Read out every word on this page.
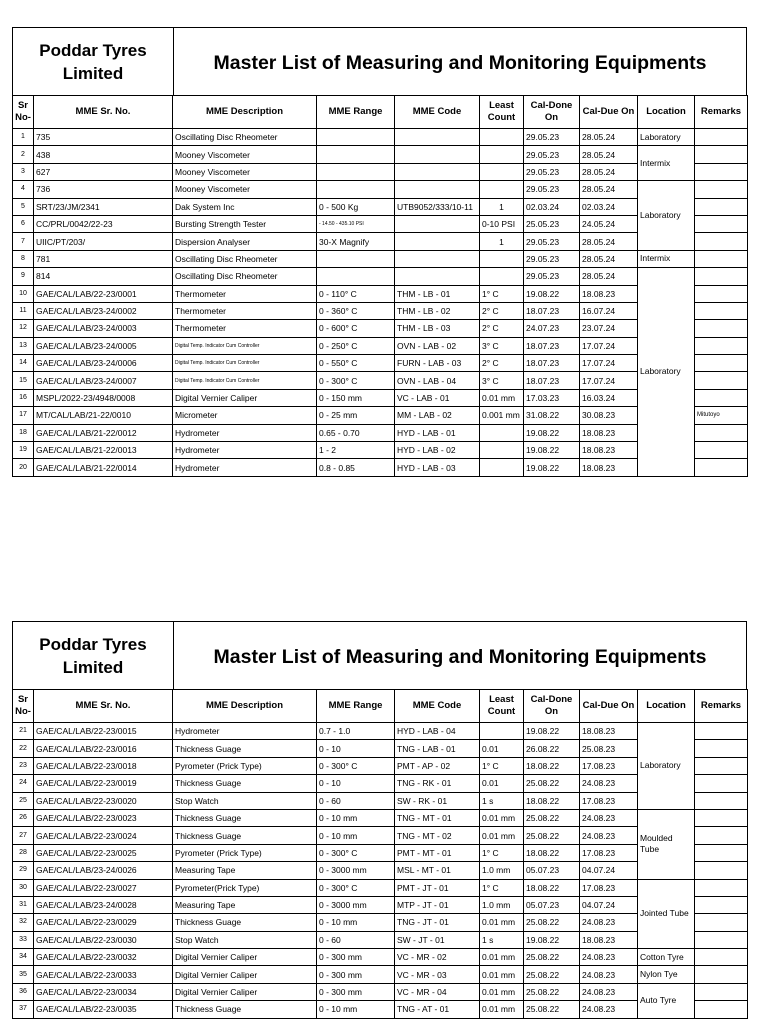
Poddar Tyres
Limited	Master List of Measuring and Monitoring Equipments
Sr No-	MME Sr. No.	MME Description	MME Range	MME Code	Least Count	Cal-Done On	Cal-Due On	Location	Remarks
1	735	Oscillating Disc Rheometer				29.05.23	28.05.24	Laboratory	
2	438	Mooney Viscometer				29.05.23	28.05.24	Intermix	
3	627	Mooney Viscometer				29.05.23	28.05.24		
4	736	Mooney Viscometer				29.05.23	28.05.24	Laboratory	
5	SRT/23/JM/2341	Dak System Inc	0 - 500 Kg	UTB9052/333/10-11	1	02.03.24	02.03.24		
6	CC/PRL/0042/22-23	Bursting Strength Tester	- 14.50 - 435.10 PSI		0-10 PSI	25.05.23	24.05.24		
7	UIIC/PT/203/	Dispersion Analyser	30-X Magnify		1	29.05.23	28.05.24		
8	781	Oscillating Disc Rheometer				29.05.23	28.05.24	Intermix	
9	814	Oscillating Disc Rheometer				29.05.23	28.05.24	Laboratory	
10	GAE/CAL/LAB/22-23/0001	Thermometer	0 - 110° C	THM - LB - 01	1° C	19.08.22	18.08.23		
11	GAE/CAL/LAB/23-24/0002	Thermometer	0 - 360° C	THM - LB - 02	2° C	18.07.23	16.07.24		
12	GAE/CAL/LAB/23-24/0003	Thermometer	0 - 600° C	THM - LB - 03	2° C	24.07.23	23.07.24		
13	GAE/CAL/LAB/23-24/0005	Digital Temp. Indicator Cum Controller	0 - 250° C	OVN - LAB - 02	3° C	18.07.23	17.07.24		
14	GAE/CAL/LAB/23-24/0006	Digital Temp. Indicator Cum Controller	0 - 550° C	FURN - LAB - 03	2° C	18.07.23	17.07.24		
15	GAE/CAL/LAB/23-24/0007	Digital Temp. Indicator Cum Controller	0 - 300° C	OVN - LAB - 04	3° C	18.07.23	17.07.24		
16	MSPL/2022-23/4948/0008	Digital Vernier Caliper	0 - 150 mm	VC - LAB - 01	0.01 mm	17.03.23	16.03.24		
17	MT/CAL/LAB/21-22/0010	Micrometer	0 - 25 mm	MM - LAB - 02	0.001 mm	31.08.22	30.08.23		Mitutoyo
18	GAE/CAL/LAB/21-22/0012	Hydrometer	0.65 - 0.70	HYD - LAB - 01		19.08.22	18.08.23		
19	GAE/CAL/LAB/21-22/0013	Hydrometer	1 - 2	HYD - LAB - 02		19.08.22	18.08.23		
20	GAE/CAL/LAB/21-22/0014	Hydrometer	0.8 - 0.85	HYD - LAB - 03		19.08.22	18.08.23		
Poddar Tyres
Limited	Master List of Measuring and Monitoring Equipments
Sr No-	MME Sr. No.	MME Description	MME Range	MME Code	Least Count	Cal-Done On	Cal-Due On	Location	Remarks
21	GAE/CAL/LAB/22-23/0015	Hydrometer	0.7 - 1.0	HYD - LAB - 04		19.08.22	18.08.23	Laboratory	
22	GAE/CAL/LAB/22-23/0016	Thickness Guage	0 - 10	TNG - LAB - 01	0.01	26.08.22	25.08.23		
23	GAE/CAL/LAB/22-23/0018	Pyrometer (Prick Type)	0 - 300° C	PMT - AP - 02	1° C	18.08.22	17.08.23		
24	GAE/CAL/LAB/22-23/0019	Thickness Guage	0 - 10	TNG - RK - 01	0.01	25.08.22	24.08.23		
25	GAE/CAL/LAB/22-23/0020	Stop Watch	0 - 60	SW - RK - 01	1 s	18.08.22	17.08.23		
26	GAE/CAL/LAB/22-23/0023	Thickness Guage	0 - 10 mm	TNG - MT - 01	0.01 mm	25.08.22	24.08.23	Moulded Tube	
27	GAE/CAL/LAB/22-23/0024	Thickness Guage	0 - 10 mm	TNG - MT - 02	0.01 mm	25.08.22	24.08.23		
28	GAE/CAL/LAB/22-23/0025	Pyrometer (Prick Type)	0 - 300° C	PMT - MT - 01	1° C	18.08.22	17.08.23		
29	GAE/CAL/LAB/23-24/0026	Measuring Tape	0 - 3000 mm	MSL - MT - 01	1.0 mm	05.07.23	04.07.24		
30	GAE/CAL/LAB/22-23/0027	Pyrometer(Prick Type)	0 - 300° C	PMT - JT - 01	1° C	18.08.22	17.08.23	Jointed Tube	
31	GAE/CAL/LAB/23-24/0028	Measuring Tape	0 - 3000 mm	MTP - JT - 01	1.0 mm	05.07.23	04.07.24		
32	GAE/CAL/LAB/22-23/0029	Thickness Guage	0 - 10 mm	TNG - JT - 01	0.01 mm	25.08.22	24.08.23		
33	GAE/CAL/LAB/22-23/0030	Stop Watch	0 - 60	SW - JT - 01	1 s	19.08.22	18.08.23		
34	GAE/CAL/LAB/22-23/0032	Digital Vernier Caliper	0 - 300 mm	VC - MR - 02	0.01 mm	25.08.22	24.08.23	Cotton Tyre	
35	GAE/CAL/LAB/22-23/0033	Digital Vernier Caliper	0 - 300 mm	VC - MR - 03	0.01 mm	25.08.22	24.08.23	Nylon Tye	
36	GAE/CAL/LAB/22-23/0034	Digital Vernier Caliper	0 - 300 mm	VC - MR - 04	0.01 mm	25.08.22	24.08.23	Auto Tyre	
37	GAE/CAL/LAB/22-23/0035	Thickness Guage	0 - 10 mm	TNG - AT - 01	0.01 mm	25.08.22	24.08.23		
